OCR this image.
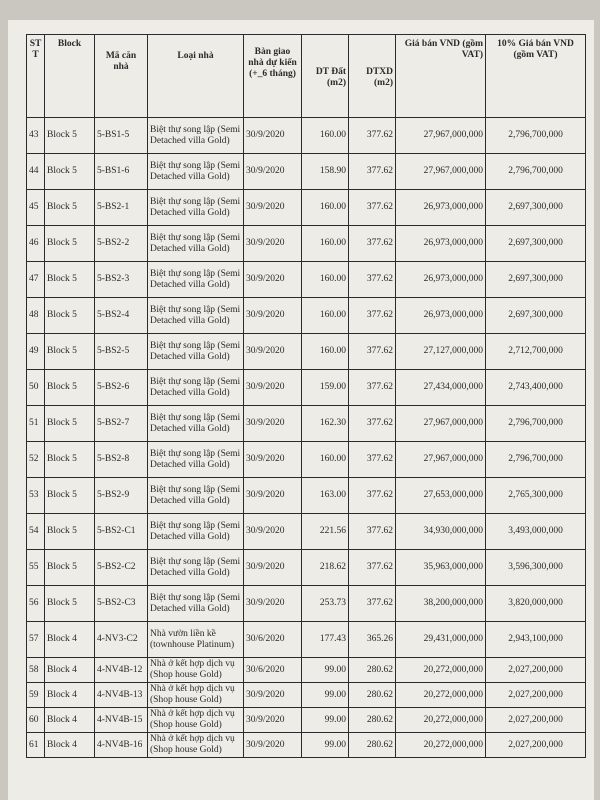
ST T	Block	Mã căn nhà	Loại nhà	Bàn giao nhà dự kiến (+_6 tháng)	DT Đất (m2)	DTXD (m2)	Giá bán VND (gồm VAT)	10% Giá bán VND (gồm VAT)
43	Block 5	5-BS1-5	Biệt thự song lập (Semi Detached villa Gold)	30/9/2020	160.00	377.62	27,967,000,000	2,796,700,000
44	Block 5	5-BS1-6	Biệt thự song lập (Semi Detached villa Gold)	30/9/2020	158.90	377.62	27,967,000,000	2,796,700,000
45	Block 5	5-BS2-1	Biệt thự song lập (Semi Detached villa Gold)	30/9/2020	160.00	377.62	26,973,000,000	2,697,300,000
46	Block 5	5-BS2-2	Biệt thự song lập (Semi Detached villa Gold)	30/9/2020	160.00	377.62	26,973,000,000	2,697,300,000
47	Block 5	5-BS2-3	Biệt thự song lập (Semi Detached villa Gold)	30/9/2020	160.00	377.62	26,973,000,000	2,697,300,000
48	Block 5	5-BS2-4	Biệt thự song lập (Semi Detached villa Gold)	30/9/2020	160.00	377.62	26,973,000,000	2,697,300,000
49	Block 5	5-BS2-5	Biệt thự song lập (Semi Detached villa Gold)	30/9/2020	160.00	377.62	27,127,000,000	2,712,700,000
50	Block 5	5-BS2-6	Biệt thự song lập (Semi Detached villa Gold)	30/9/2020	159.00	377.62	27,434,000,000	2,743,400,000
51	Block 5	5-BS2-7	Biệt thự song lập (Semi Detached villa Gold)	30/9/2020	162.30	377.62	27,967,000,000	2,796,700,000
52	Block 5	5-BS2-8	Biệt thự song lập (Semi Detached villa Gold)	30/9/2020	160.00	377.62	27,967,000,000	2,796,700,000
53	Block 5	5-BS2-9	Biệt thự song lập (Semi Detached villa Gold)	30/9/2020	163.00	377.62	27,653,000,000	2,765,300,000
54	Block 5	5-BS2-C1	Biệt thự song lập (Semi Detached villa Gold)	30/9/2020	221.56	377.62	34,930,000,000	3,493,000,000
55	Block 5	5-BS2-C2	Biệt thự song lập (Semi Detached villa Gold)	30/9/2020	218.62	377.62	35,963,000,000	3,596,300,000
56	Block 5	5-BS2-C3	Biệt thự song lập (Semi Detached villa Gold)	30/9/2020	253.73	377.62	38,200,000,000	3,820,000,000
57	Block 4	4-NV3-C2	Nhà vườn liền kề (townhouse Platinum)	30/6/2020	177.43	365.26	29,431,000,000	2,943,100,000
58	Block 4	4-NV4B-12	Nhà ở kết hợp dịch vụ (Shop house Gold)	30/6/2020	99.00	280.62	20,272,000,000	2,027,200,000
59	Block 4	4-NV4B-13	Nhà ở kết hợp dịch vụ (Shop house Gold)	30/9/2020	99.00	280.62	20,272,000,000	2,027,200,000
60	Block 4	4-NV4B-15	Nhà ở kết hợp dịch vụ (Shop house Gold)	30/9/2020	99.00	280.62	20,272,000,000	2,027,200,000
61	Block 4	4-NV4B-16	Nhà ở kết hợp dịch vụ (Shop house Gold)	30/9/2020	99.00	280.62	20,272,000,000	2,027,200,000
